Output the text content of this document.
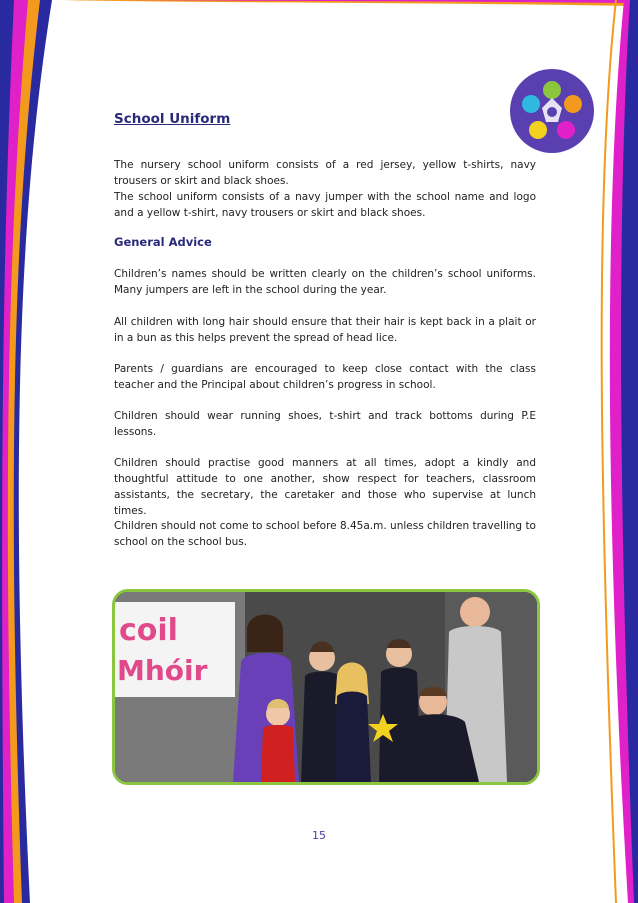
School Uniform
The nursery school uniform consists of a red jersey, yellow t-shirts, navy trousers or skirt and black shoes.
The school uniform consists of a navy jumper with the school name and logo and a yellow t-shirt, navy trousers or skirt and black shoes.
General Advice
Children’s names should be written clearly on the children’s school uniforms. Many jumpers are left in the school during the year.
All children with long hair should ensure that their hair is kept back in a plait or in a bun as this helps prevent the spread of head lice.
Parents / guardians are encouraged to keep close contact with the class teacher and the Principal about children’s progress in school.
Children should wear running shoes, t-shirt and track bottoms during P.E lessons.
Children should practise good manners at all times, adopt a kindly and thoughtful attitude to one another, show respect for teachers, classroom assistants, the secretary, the caretaker and those who supervise at lunch times.
Children should not come to school before 8.45a.m. unless children travelling to school on the school bus.
coil
Mhóir
15
